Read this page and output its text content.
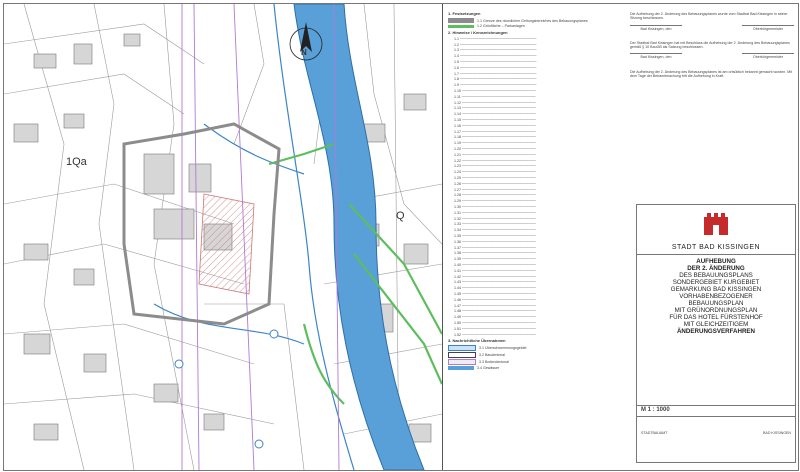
1Qa
Q
N
1. Festsetzungen
1.1 Grenze des räumlichen Geltungsbereiches des Bebauungsplanes
1.2 Grünfläche – Parkanlagen
2. Hinweise / Kennzeichnungen

1.1 ──────────────────────────────

1.2 ──────────────────────────────

1.3 ──────────────────────────────

1.4 ──────────────────────────────

1.5 ──────────────────────────────

1.6 ──────────────────────────────

1.7 ──────────────────────────────

1.8 ──────────────────────────────

1.9 ──────────────────────────────

1.10 ─────────────────────────────

1.11 ─────────────────────────────

1.12 ─────────────────────────────

1.13 ─────────────────────────────

1.14 ─────────────────────────────

1.15 ─────────────────────────────

1.16 ─────────────────────────────

1.17 ─────────────────────────────

1.18 ─────────────────────────────

1.19 ─────────────────────────────

1.20 ─────────────────────────────

1.21 ─────────────────────────────

1.22 ─────────────────────────────

1.23 ─────────────────────────────

1.24 ─────────────────────────────

1.25 ─────────────────────────────

1.26 ─────────────────────────────

1.27 ─────────────────────────────

1.28 ─────────────────────────────

1.29 ─────────────────────────────

1.30 ─────────────────────────────

1.31 ─────────────────────────────

1.32 ─────────────────────────────

1.33 ─────────────────────────────

1.34 ─────────────────────────────

1.35 ─────────────────────────────

1.36 ─────────────────────────────

1.37 ─────────────────────────────

1.38 ─────────────────────────────

1.39 ─────────────────────────────

1.40 ─────────────────────────────

1.41 ─────────────────────────────

1.42 ─────────────────────────────

1.43 ─────────────────────────────

1.44 ─────────────────────────────

1.45 ─────────────────────────────

1.46 ─────────────────────────────

1.47 ─────────────────────────────

1.48 ─────────────────────────────

1.49 ─────────────────────────────

1.50 ─────────────────────────────

1.51 ─────────────────────────────

1.52 ─────────────────────────────

3. Nachrichtliche Übernahmen
3.1 Überschwemmungsgebiet
3.2 Baudenkmal
3.3 Bodendenkmal
3.4 Gewässer

Die Aufhebung der 2. Änderung des Bebauungsplanes wurde vom Stadtrat Bad Kissingen in seiner Sitzung beschlossen.

Bad Kissingen, den	Oberbürgermeister

Der Stadtrat Bad Kissingen hat mit Beschluss die Aufhebung der 2. Änderung des Bebauungsplanes gemäß § 10 BauGB als Satzung beschlossen.

Bad Kissingen, den	Oberbürgermeister

Die Aufhebung der 2. Änderung des Bebauungsplanes ist am ortsüblich bekannt gemacht worden. Mit dem Tage der Bekanntmachung tritt die Aufhebung in Kraft.

STADT BAD KISSINGEN
AUFHEBUNG
DER 2. ÄNDERUNG
DES BEBAUUNGSPLANS
SONDERGEBIET KURGEBIET
GEMARKUNG BAD KISSINGEN
VORHABENBEZOGENER
BEBAUUNGSPLAN
MIT GRÜNORDNUNGSPLAN
FÜR DAS HOTEL FÜRSTENHOF
MIT GLEICHZEITIGEM
ÄNDERUNGSVERFAHREN
M 1 : 1000
STADTBAUAMT	BAD KISSINGEN
